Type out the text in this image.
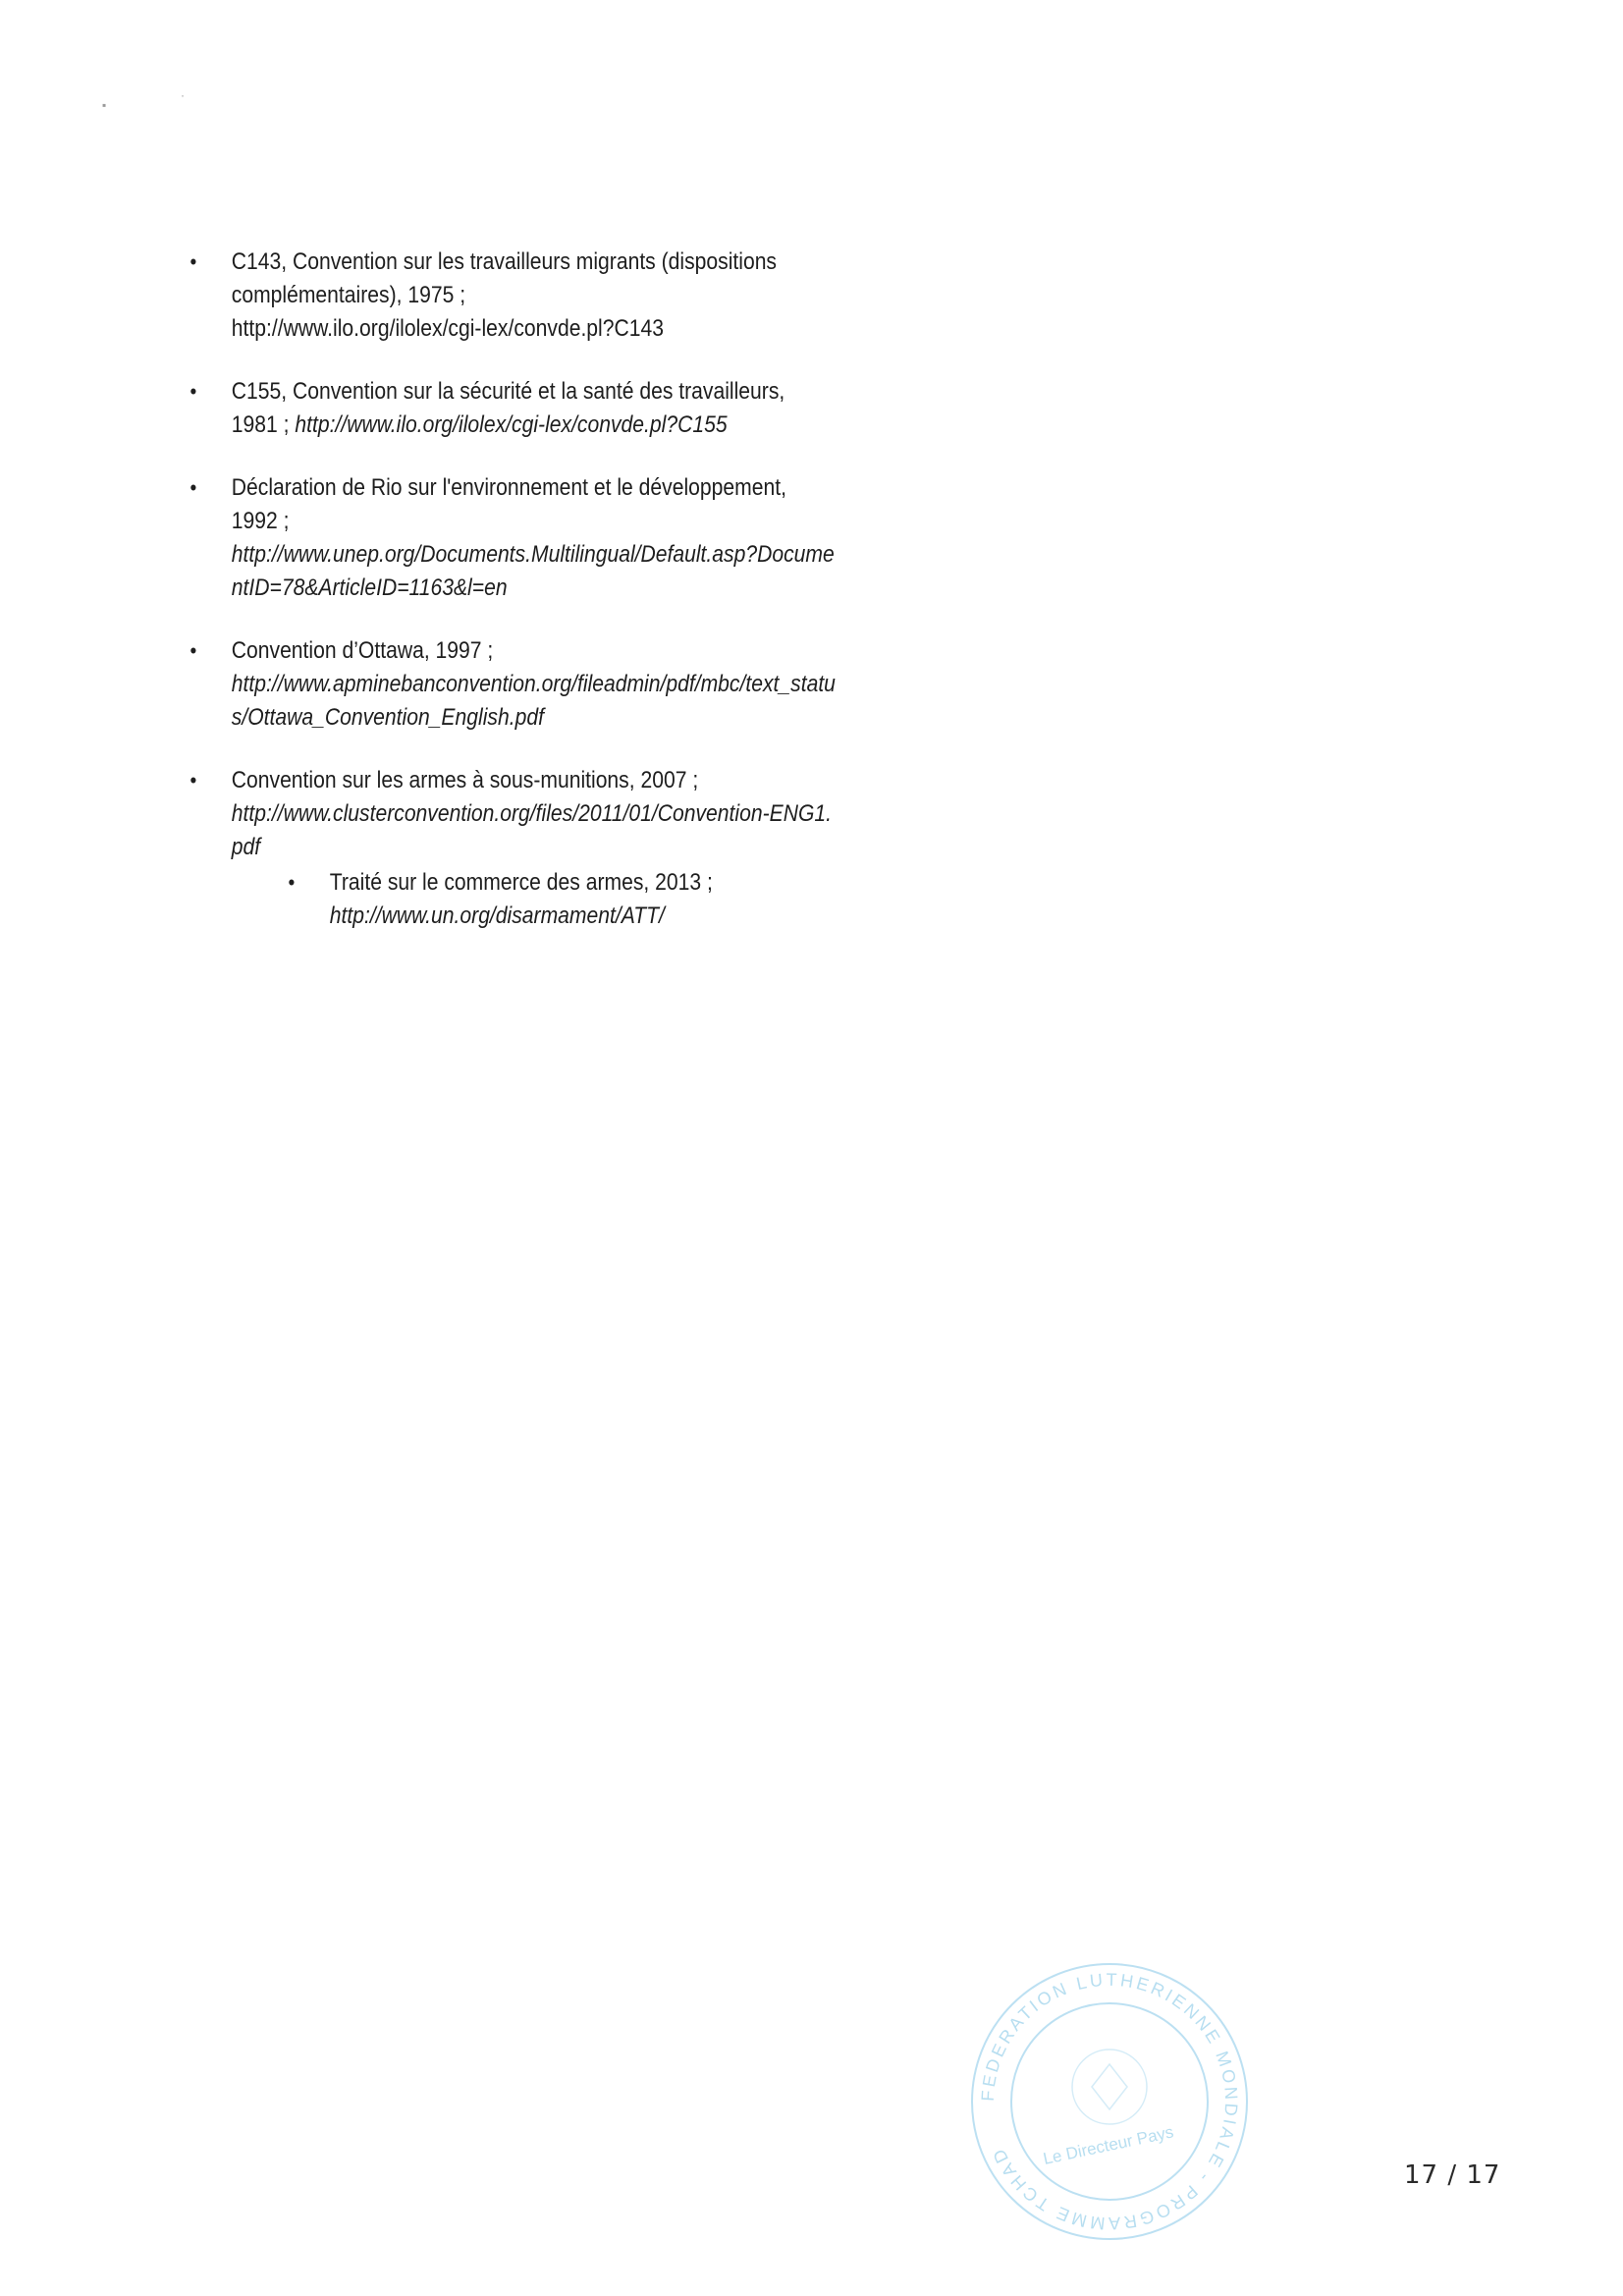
▪
·
• C143, Convention sur les travailleurs migrants (dispositions complémentaires), 1975 ;
http://www.ilo.org/ilolex/cgi-lex/convde.pl?C143
• C155, Convention sur la sécurité et la santé des travailleurs, 1981 ; http://www.ilo.org/ilolex/cgi-lex/convde.pl?C155
• Déclaration de Rio sur l'environnement et le développement, 1992 ;
http://www.unep.org/Documents.Multilingual/Default.asp?DocumentID=78&ArticleID=1163&l=en
• Convention d’Ottawa, 1997 ;
http://www.apminebanconvention.org/fileadmin/pdf/mbc/text_status/Ottawa_Convention_English.pdf
• Convention sur les armes à sous-munitions, 2007 ;
http://www.clusterconvention.org/files/2011/01/Convention-ENG1.pdf
• Traité sur le commerce des armes, 2013 ;
http://www.un.org/disarmament/ATT/
FEDERATION LUTHERIENNE MONDIALE - PROGRAMME TCHAD	Le Directeur Pays
17 / 17
